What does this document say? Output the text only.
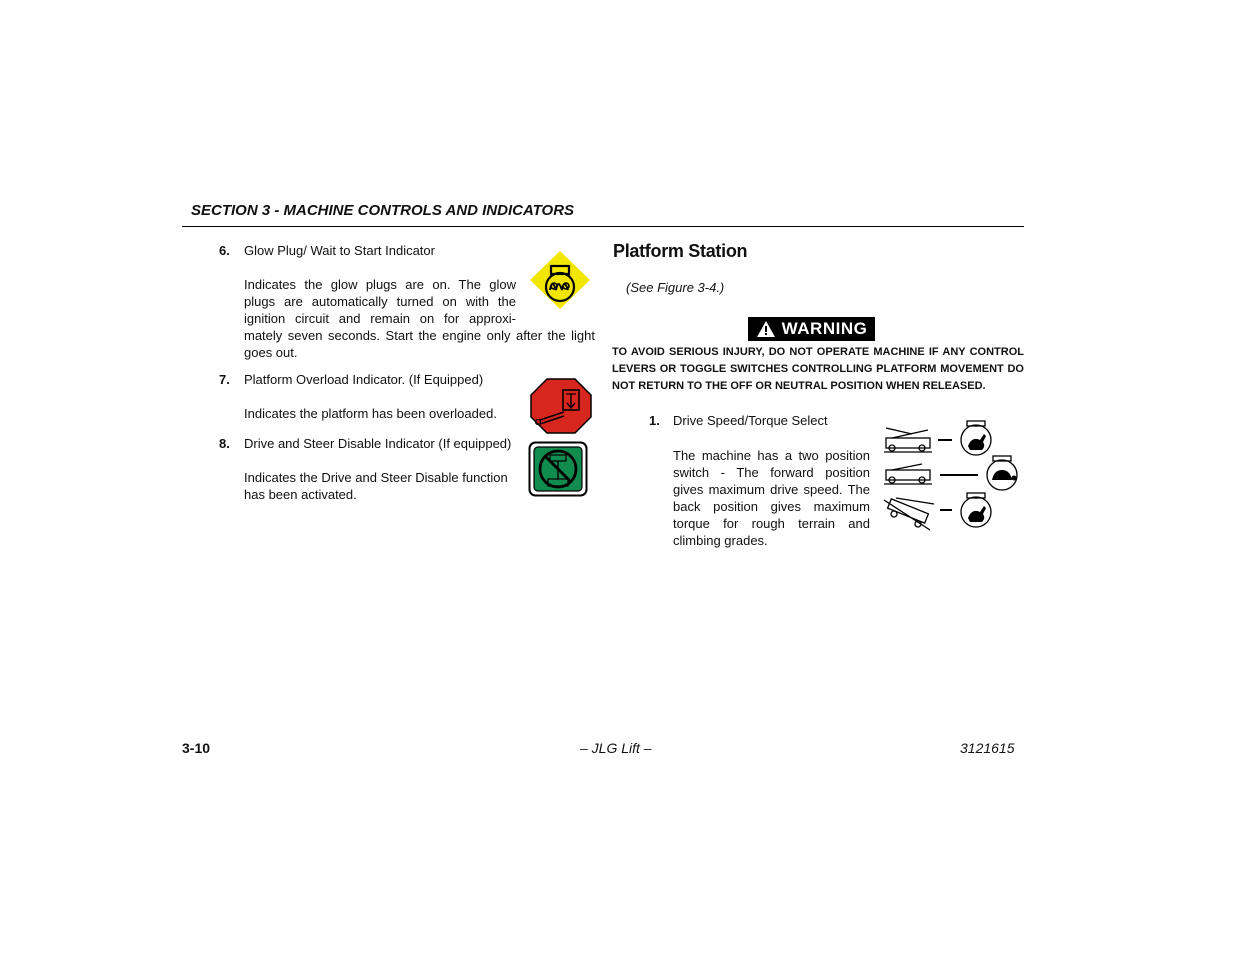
SECTION 3 - MACHINE CONTROLS AND INDICATORS
6. Glow Plug/ Wait to Start Indicator
Indicates the glow plugs are on. The glow
plugs are automatically turned on with the
ignition circuit and remain on for approxi-
mately seven seconds. Start the engine only after the light
goes out.
7. Platform Overload Indicator. (If Equipped)
Indicates the platform has been overloaded.
8. Drive and Steer Disable Indicator (If equipped)
Indicates the Drive and Steer Disable function
has been activated.
Platform Station
(See Figure 3-4.)
WARNING
TO AVOID SERIOUS INJURY, DO NOT OPERATE MACHINE IF ANY CONTROL LEVERS OR TOGGLE SWITCHES CONTROLLING PLATFORM MOVEMENT DO NOT RETURN TO THE OFF OR NEUTRAL POSITION WHEN RELEASED.
1. Drive Speed/Torque Select
The machine has a two position
switch - The forward position
gives maximum drive speed. The
back position gives maximum
torque for rough terrain and
climbing grades.
3-10	– JLG Lift –	3121615
